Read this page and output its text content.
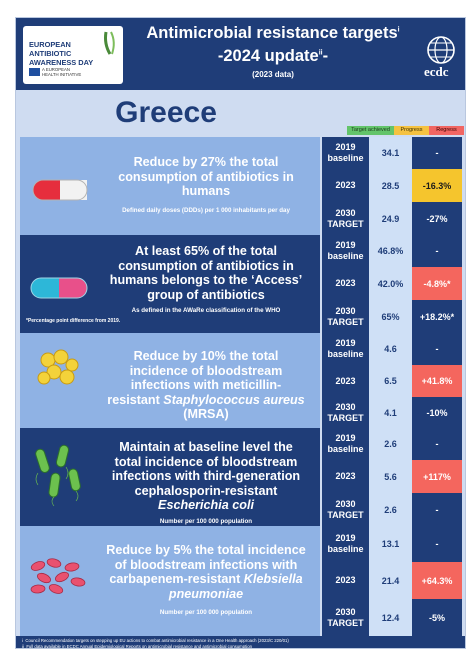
EUROPEAN
ANTIBIOTIC
AWARENESS DAY
A EUROPEAN
HEALTH INITIATIVE
Antimicrobial resistance targets$^i$
-2024 update$^{ii}$-
(2023 data)	ecdc
Greece
Target achieved	Progress	Regress
Reduce by 27% the total consumption of antibiotics in humans
Defined daily doses (DDDs) per 1 000 inhabitants per day
At least 65% of the total consumption of antibiotics in humans belongs to the ‘Access’ group of antibiotics
As defined in the AWaRe classification of the WHO
*Percentage point difference from 2019.
Reduce by 10% the total incidence of bloodstream infections with meticillin-resistant Staphylococcus aureus (MRSA)
Maintain at baseline level the total incidence of bloodstream infections with third-generation cephalosporin-resistant Escherichia coli
Number per 100 000 population
Reduce by 5% the total incidence of bloodstream infections with carbapenem-resistant Klebsiella pneumoniae
Number per 100 000 population
2019
baseline	34.1	-
2023	28.5	-16.3%
2030
TARGET	24.9	-27%
2019
baseline	46.8%	-
2023	42.0%	-4.8%*
2030
TARGET	65%	+18.2%*
2019
baseline	4.6	-
2023	6.5	+41.8%
2030
TARGET	4.1	-10%
2019
baseline	2.6	-
2023	5.6	+117%
2030
TARGET	2.6	-
2019
baseline	13.1	-
2023	21.4	+64.3%
2030
TARGET	12.4	-5%
i Council Recommendation targets on stepping up EU actions to combat antimicrobial resistance in a One Health approach (2023/C 220/01)
ii Full data available in ECDC Annual Epidemiological Reports on antimicrobial resistance and antimicrobial consumption
